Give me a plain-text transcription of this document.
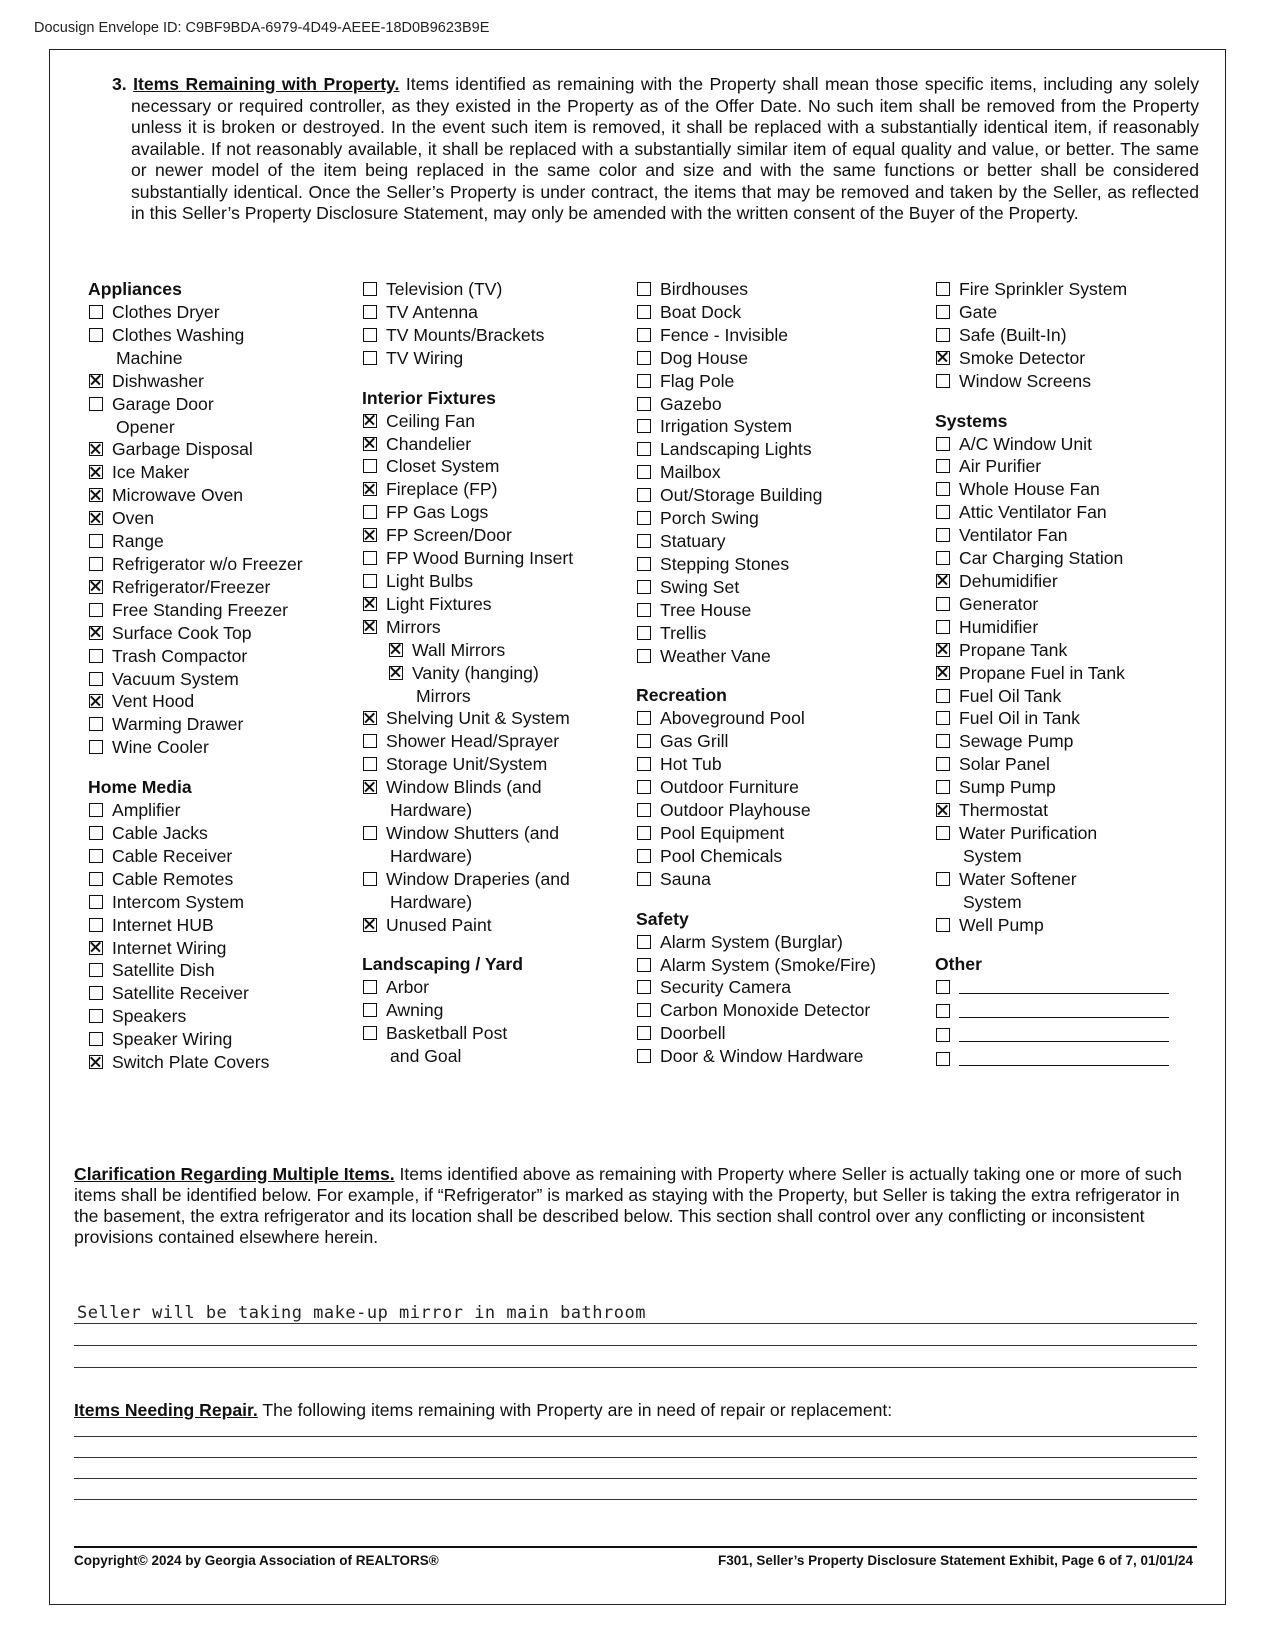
Docusign Envelope ID: C9BF9BDA-6979-4D49-AEEE-18D0B9623B9E
3. Items Remaining with Property. Items identified as remaining with the Property shall mean those specific items, including any solely necessary or required controller, as they existed in the Property as of the Offer Date. No such item shall be removed from the Property unless it is broken or destroyed. In the event such item is removed, it shall be replaced with a substantially identical item, if reasonably available. If not reasonably available, it shall be replaced with a substantially similar item of equal quality and value, or better. The same or newer model of the item being replaced in the same color and size and with the same functions or better shall be considered substantially identical. Once the Seller’s Property is under contract, the items that may be removed and taken by the Seller, as reflected in this Seller’s Property Disclosure Statement, may only be amended with the written consent of the Buyer of the Property.
Appliances
Clothes Dryer
Clothes Washing
Machine
Dishwasher
Garage Door
Opener
Garbage Disposal
Ice Maker
Microwave Oven
Oven
Range
Refrigerator w/o Freezer
Refrigerator/Freezer
Free Standing Freezer
Surface Cook Top
Trash Compactor
Vacuum System
Vent Hood
Warming Drawer
Wine Cooler
Home Media
Amplifier
Cable Jacks
Cable Receiver
Cable Remotes
Intercom System
Internet HUB
Internet Wiring
Satellite Dish
Satellite Receiver
Speakers
Speaker Wiring
Switch Plate Covers
Television (TV)
TV Antenna
TV Mounts/Brackets
TV Wiring
Interior Fixtures
Ceiling Fan
Chandelier
Closet System
Fireplace (FP)
FP Gas Logs
FP Screen/Door
FP Wood Burning Insert
Light Bulbs
Light Fixtures
Mirrors
Wall Mirrors
Vanity (hanging)
Mirrors
Shelving Unit & System
Shower Head/Sprayer
Storage Unit/System
Window Blinds (and
Hardware)
Window Shutters (and
Hardware)
Window Draperies (and
Hardware)
Unused Paint
Landscaping / Yard
Arbor
Awning
Basketball Post
and Goal
Birdhouses
Boat Dock
Fence - Invisible
Dog House
Flag Pole
Gazebo
Irrigation System
Landscaping Lights
Mailbox
Out/Storage Building
Porch Swing
Statuary
Stepping Stones
Swing Set
Tree House
Trellis
Weather Vane
Recreation
Aboveground Pool
Gas Grill
Hot Tub
Outdoor Furniture
Outdoor Playhouse
Pool Equipment
Pool Chemicals
Sauna
Safety
Alarm System (Burglar)
Alarm System (Smoke/Fire)
Security Camera
Carbon Monoxide Detector
Doorbell
Door & Window Hardware
Fire Sprinkler System
Gate
Safe (Built-In)
Smoke Detector
Window Screens
Systems
A/C Window Unit
Air Purifier
Whole House Fan
Attic Ventilator Fan
Ventilator Fan
Car Charging Station
Dehumidifier
Generator
Humidifier
Propane Tank
Propane Fuel in Tank
Fuel Oil Tank
Fuel Oil in Tank
Sewage Pump
Solar Panel
Sump Pump
Thermostat
Water Purification
System
Water Softener
System
Well Pump
Other
Clarification Regarding Multiple Items. Items identified above as remaining with Property where Seller is actually taking one or more of such items shall be identified below. For example, if “Refrigerator” is marked as staying with the Property, but Seller is taking the extra refrigerator in the basement, the extra refrigerator and its location shall be described below. This section shall control over any conflicting or inconsistent provisions contained elsewhere herein.
Seller will be taking make-up mirror in main bathroom
Items Needing Repair. The following items remaining with Property are in need of repair or replacement:
Copyright© 2024 by Georgia Association of REALTORS®	F301, Seller’s Property Disclosure Statement Exhibit, Page 6 of 7, 01/01/24
